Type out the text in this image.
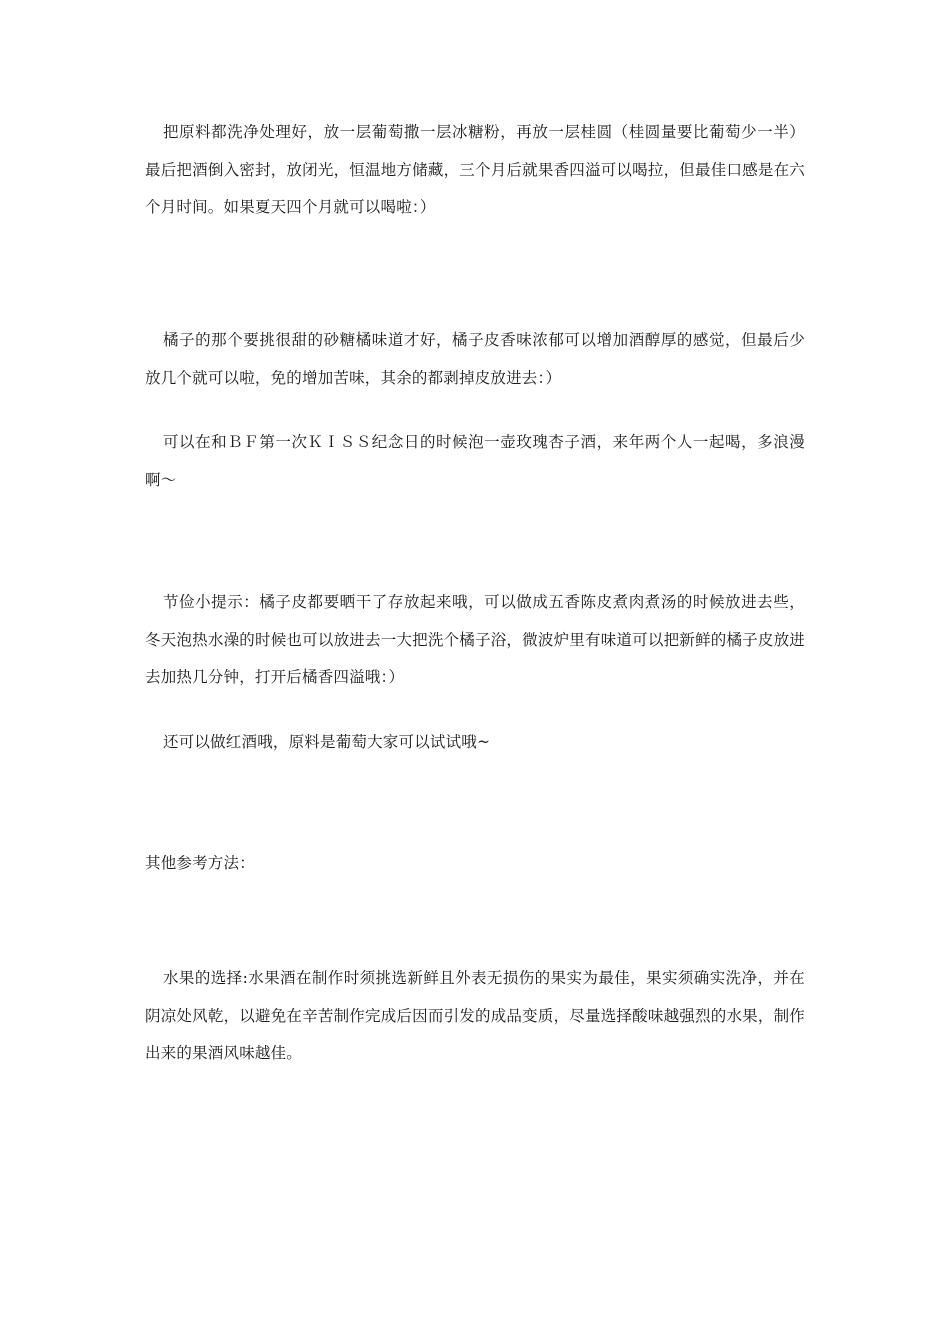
把原料都洗净处理好，放一层葡萄撒一层冰糖粉，再放一层桂圆（桂圆量要比葡萄少一半）最后把酒倒入密封，放闭光，恒温地方储藏，三个月后就果香四溢可以喝拉，但最佳口感是在六个月时间。如果夏天四个月就可以喝啦：）

橘子的那个要挑很甜的砂糖橘味道才好，橘子皮香味浓郁可以增加酒醇厚的感觉，但最后少放几个就可以啦，免的增加苦味，其余的都剥掉皮放进去：）

可以在和ＢＦ第一次ＫＩＳＳ纪念日的时候泡一壶玫瑰杏子酒，来年两个人一起喝，多浪漫啊～

节俭小提示：橘子皮都要晒干了存放起来哦，可以做成五香陈皮煮肉煮汤的时候放进去些，冬天泡热水澡的时候也可以放进去一大把洗个橘子浴，微波炉里有味道可以把新鲜的橘子皮放进去加热几分钟，打开后橘香四溢哦：）

还可以做红酒哦，原料是葡萄大家可以试试哦~

其他参考方法：

水果的选择:水果酒在制作时须挑选新鲜且外表无损伤的果实为最佳，果实须确实洗净，并在阴凉处风乾，以避免在辛苦制作完成后因而引发的成品变质，尽量选择酸味越强烈的水果，制作出来的果酒风味越佳。
